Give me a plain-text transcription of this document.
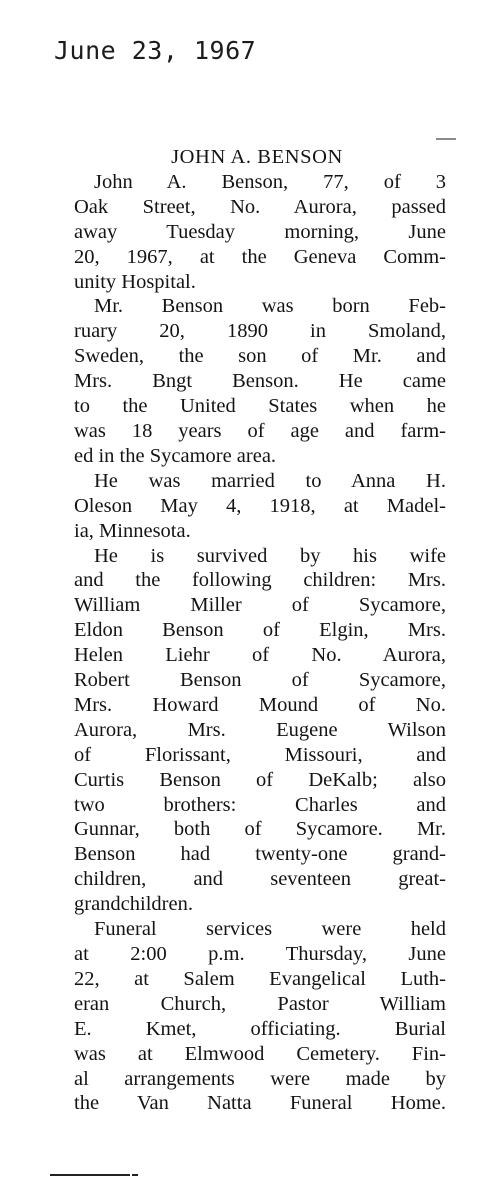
June 23, 1967
JOHN A. BENSON
John A. Benson, 77, of 3
Oak Street, No. Aurora, passed
away Tuesday morning, June
20, 1967, at the Geneva Comm-
unity Hospital.
Mr. Benson was born Feb-
ruary 20, 1890 in Smoland,
Sweden, the son of Mr. and
Mrs. Bngt Benson. He came
to the United States when he
was 18 years of age and farm-
ed in the Sycamore area.
He was married to Anna H.
Oleson May 4, 1918, at Madel-
ia, Minnesota.
He is survived by his wife
and the following children: Mrs.
William Miller of Sycamore,
Eldon Benson of Elgin, Mrs.
Helen Liehr of No. Aurora,
Robert Benson of Sycamore,
Mrs. Howard Mound of No.
Aurora, Mrs. Eugene Wilson
of Florissant, Missouri, and
Curtis Benson of DeKalb; also
two brothers: Charles and
Gunnar, both of Sycamore. Mr.
Benson had twenty-one grand-
children, and seventeen great-
grandchildren.
Funeral services were held
at 2:00 p.m. Thursday, June
22, at Salem Evangelical Luth-
eran Church, Pastor William
E. Kmet, officiating. Burial
was at Elmwood Cemetery. Fin-
al arrangements were made by
the Van Natta Funeral Home.
